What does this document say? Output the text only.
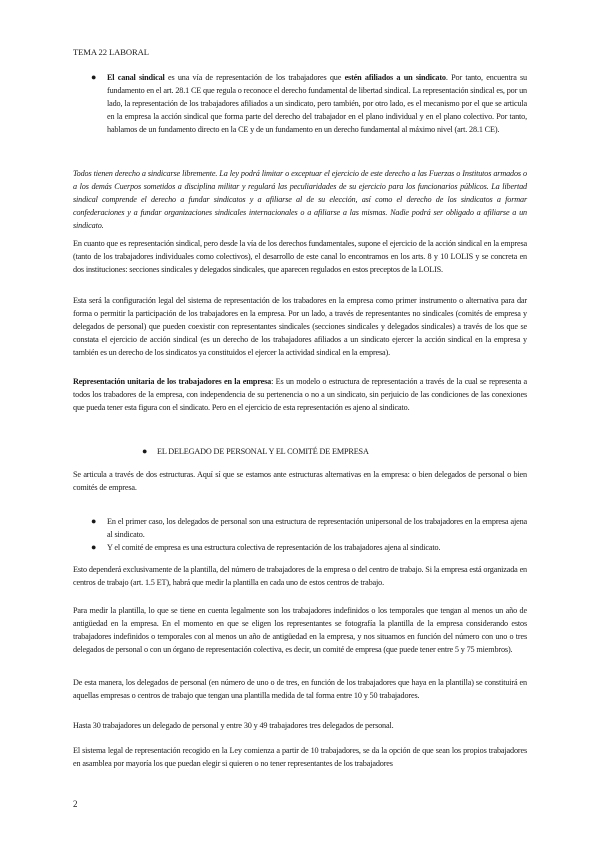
TEMA 22 LABORAL
● El canal sindical es una vía de representación de los trabajadores que estén afiliados a un sindicato. Por tanto, encuentra su fundamento en el art. 28.1 CE que regula o reconoce el derecho fundamental de libertad sindical. La representación sindical es, por un lado, la representación de los trabajadores afiliados a un sindicato, pero también, por otro lado, es el mecanismo por el que se articula en la empresa la acción sindical que forma parte del derecho del trabajador en el plano individual y en el plano colectivo. Por tanto, hablamos de un fundamento directo en la CE y de un fundamento en un derecho fundamental al máximo nivel (art. 28.1 CE).

Todos tienen derecho a sindicarse libremente. La ley podrá limitar o exceptuar el ejercicio de este derecho a las Fuerzas o Institutos armados o a los demás Cuerpos sometidos a disciplina militar y regulará las peculiaridades de su ejercicio para los funcionarios públicos. La libertad sindical comprende el derecho a fundar sindicatos y a afiliarse al de su elección, así como el derecho de los sindicatos a formar confederaciones y a fundar organizaciones sindicales internacionales o a afiliarse a las mismas. Nadie podrá ser obligado a afiliarse a un sindicato.

En cuanto que es representación sindical, pero desde la vía de los derechos fundamentales, supone el ejercicio de la acción sindical en la empresa (tanto de los trabajadores individuales como colectivos), el desarrollo de este canal lo encontramos en los arts. 8 y 10 LOLIS y se concreta en dos instituciones: secciones sindicales y delegados sindicales, que aparecen regulados en estos preceptos de la LOLIS.

Esta será la configuración legal del sistema de representación de los trabadores en la empresa como primer instrumento o alternativa para dar forma o permitir la participación de los trabajadores en la empresa. Por un lado, a través de representantes no sindicales (comités de empresa y delegados de personal) que pueden coexistir con representantes sindicales (secciones sindicales y delegados sindicales) a través de los que se constata el ejercicio de acción sindical (es un derecho de los trabajadores afiliados a un sindicato ejercer la acción sindical en la empresa y también es un derecho de los sindicatos ya constituidos el ejercer la actividad sindical en la empresa).

Representación unitaria de los trabajadores en la empresa: Es un modelo o estructura de representación a través de la cual se representa a todos los trabadores de la empresa, con independencia de su pertenencia o no a un sindicato, sin perjuicio de las condiciones de las conexiones que pueda tener esta figura con el sindicato. Pero en el ejercicio de esta representación es ajeno al sindicato.

● EL DELEGADO DE PERSONAL Y EL COMITÉ DE EMPRESA

Se articula a través de dos estructuras. Aquí sí que se estamos ante estructuras alternativas en la empresa: o bien delegados de personal o bien comités de empresa.

● En el primer caso, los delegados de personal son una estructura de representación unipersonal de los trabajadores en la empresa ajena al sindicato.

● Y el comité de empresa es una estructura colectiva de representación de los trabajadores ajena al sindicato.

Esto dependerá exclusivamente de la plantilla, del número de trabajadores de la empresa o del centro de trabajo. Si la empresa está organizada en centros de trabajo (art. 1.5 ET), habrá que medir la plantilla en cada uno de estos centros de trabajo.

Para medir la plantilla, lo que se tiene en cuenta legalmente son los trabajadores indefinidos o los temporales que tengan al menos un año de antigüedad en la empresa. En el momento en que se eligen los representantes se fotografía la plantilla de la empresa considerando estos trabajadores indefinidos o temporales con al menos un año de antigüedad en la empresa, y nos situamos en función del número con uno o tres delegados de personal o con un órgano de representación colectiva, es decir, un comité de empresa (que puede tener entre 5 y 75 miembros).

De esta manera, los delegados de personal (en número de uno o de tres, en función de los trabajadores que haya en la plantilla) se constituirá en aquellas empresas o centros de trabajo que tengan una plantilla medida de tal forma entre 10 y 50 trabajadores.

Hasta 30 trabajadores un delegado de personal y entre 30 y 49 trabajadores tres delegados de personal.

El sistema legal de representación recogido en la Ley comienza a partir de 10 trabajadores, se da la opción de que sean los propios trabajadores en asamblea por mayoría los que puedan elegir si quieren o no tener representantes de los trabajadores

2
